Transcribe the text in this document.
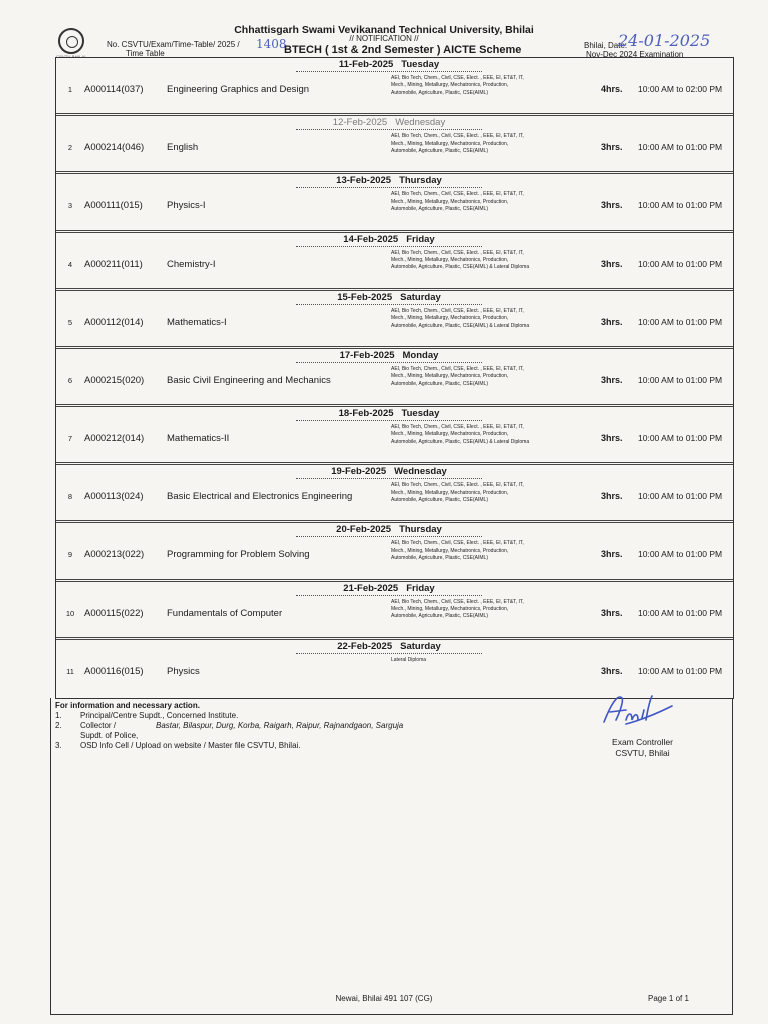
Chhattisgarh Swami Vevikanand Technical University, Bhilai
// NOTIFICATION //
CSVTU BHILAI
No. CSVTU/Exam/Time-Table/ 2025 /
Time Table
1408
BTECH ( 1st & 2nd Semester ) AICTE Scheme	Bhilai, Date:
24-01-2025
Nov-Dec 2024 Examination
11-Feb-2025 Tuesday
1	A000114(037) Engineering Graphics and Design
AEI, Bio Tech, Chem., Civil, CSE, Elect. , EEE, EI, ET&T, IT,
Mech., Mining, Metallurgy, Mechatronics, Production,
Automobile, Agriculture, Plastic, CSE(AIML)	4hrs. 10:00 AM to 02:00 PM
12-Feb-2025 Wednesday
2	A000214(046) English
AEI, Bio Tech, Chem., Civil, CSE, Elect. , EEE, EI, ET&T, IT,
Mech., Mining, Metallurgy, Mechatronics, Production,
Automobile, Agriculture, Plastic, CSE(AIML)	3hrs. 10:00 AM to 01:00 PM
13-Feb-2025 Thursday
3	A000111(015)	Physics-I
AEI, Bio Tech, Chem., Civil, CSE, Elect. , EEE, EI, ET&T, IT,
Mech., Mining, Metallurgy, Mechatronics, Production,
Automobile, Agriculture, Plastic, CSE(AIML)	3hrs. 10:00 AM to 01:00 PM
14-Feb-2025 Friday
4	A000211(011)	Chemistry-I
AEI, Bio Tech, Chem., Civil, CSE, Elect. , EEE, EI, ET&T, IT,
Mech., Mining, Metallurgy, Mechatronics, Production,
Automobile, Agriculture, Plastic, CSE(AIML) & Lateral Diploma	3hrs. 10:00 AM to 01:00 PM
15-Feb-2025 Saturday
5	A000112(014) Mathematics-I
AEI, Bio Tech, Chem., Civil, CSE, Elect. , EEE, EI, ET&T, IT,
Mech., Mining, Metallurgy, Mechatronics, Production,
Automobile, Agriculture, Plastic, CSE(AIML) & Lateral Diploma	3hrs. 10:00 AM to 01:00 PM
17-Feb-2025 Monday
6	A000215(020) Basic Civil Engineering and Mechanics
AEI, Bio Tech, Chem., Civil, CSE, Elect. , EEE, EI, ET&T, IT,
Mech., Mining, Metallurgy, Mechatronics, Production,
Automobile, Agriculture, Plastic, CSE(AIML)	3hrs. 10:00 AM to 01:00 PM
18-Feb-2025 Tuesday
7	A000212(014) Mathematics-II
AEI, Bio Tech, Chem., Civil, CSE, Elect. , EEE, EI, ET&T, IT,
Mech., Mining, Metallurgy, Mechatronics, Production,
Automobile, Agriculture, Plastic, CSE(AIML) & Lateral Diploma	3hrs. 10:00 AM to 01:00 PM
19-Feb-2025 Wednesday
8	A000113(024) Basic Electrical and Electronics Engineering
AEI, Bio Tech, Chem., Civil, CSE, Elect. , EEE, EI, ET&T, IT,
Mech., Mining, Metallurgy, Mechatronics, Production,
Automobile, Agriculture, Plastic, CSE(AIML)	3hrs. 10:00 AM to 01:00 PM
20-Feb-2025 Thursday
9	A000213(022) Programming for Problem Solving
AEI, Bio Tech, Chem., Civil, CSE, Elect. , EEE, EI, ET&T, IT,
Mech., Mining, Metallurgy, Mechatronics, Production,
Automobile, Agriculture, Plastic, CSE(AIML)	3hrs. 10:00 AM to 01:00 PM
21-Feb-2025 Friday
10 A000115(022) Fundamentals of Computer
AEI, Bio Tech, Chem., Civil, CSE, Elect. , EEE, EI, ET&T, IT,
Mech., Mining, Metallurgy, Mechatronics, Production,
Automobile, Agriculture, Plastic, CSE(AIML)	3hrs. 10:00 AM to 01:00 PM
22-Feb-2025 Saturday
11 A000116(015) Physics
Lateral Diploma
3hrs. 10:00 AM to 01:00 PM
For information and necessary action.
1. Principal/Centre Supdt., Concerned Institute.
2. Collector /	Bastar, Bilaspur, Durg, Korba, Raigarh, Raipur, Rajnandgaon, Sarguja
Supdt. of Police,
3. OSD Info Cell / Upload on website / Master file CSVTU, Bhilai.	Exam Controller
CSVTU, Bhilai
Newai, Bhilai 491 107 (CG)	Page 1 of 1
